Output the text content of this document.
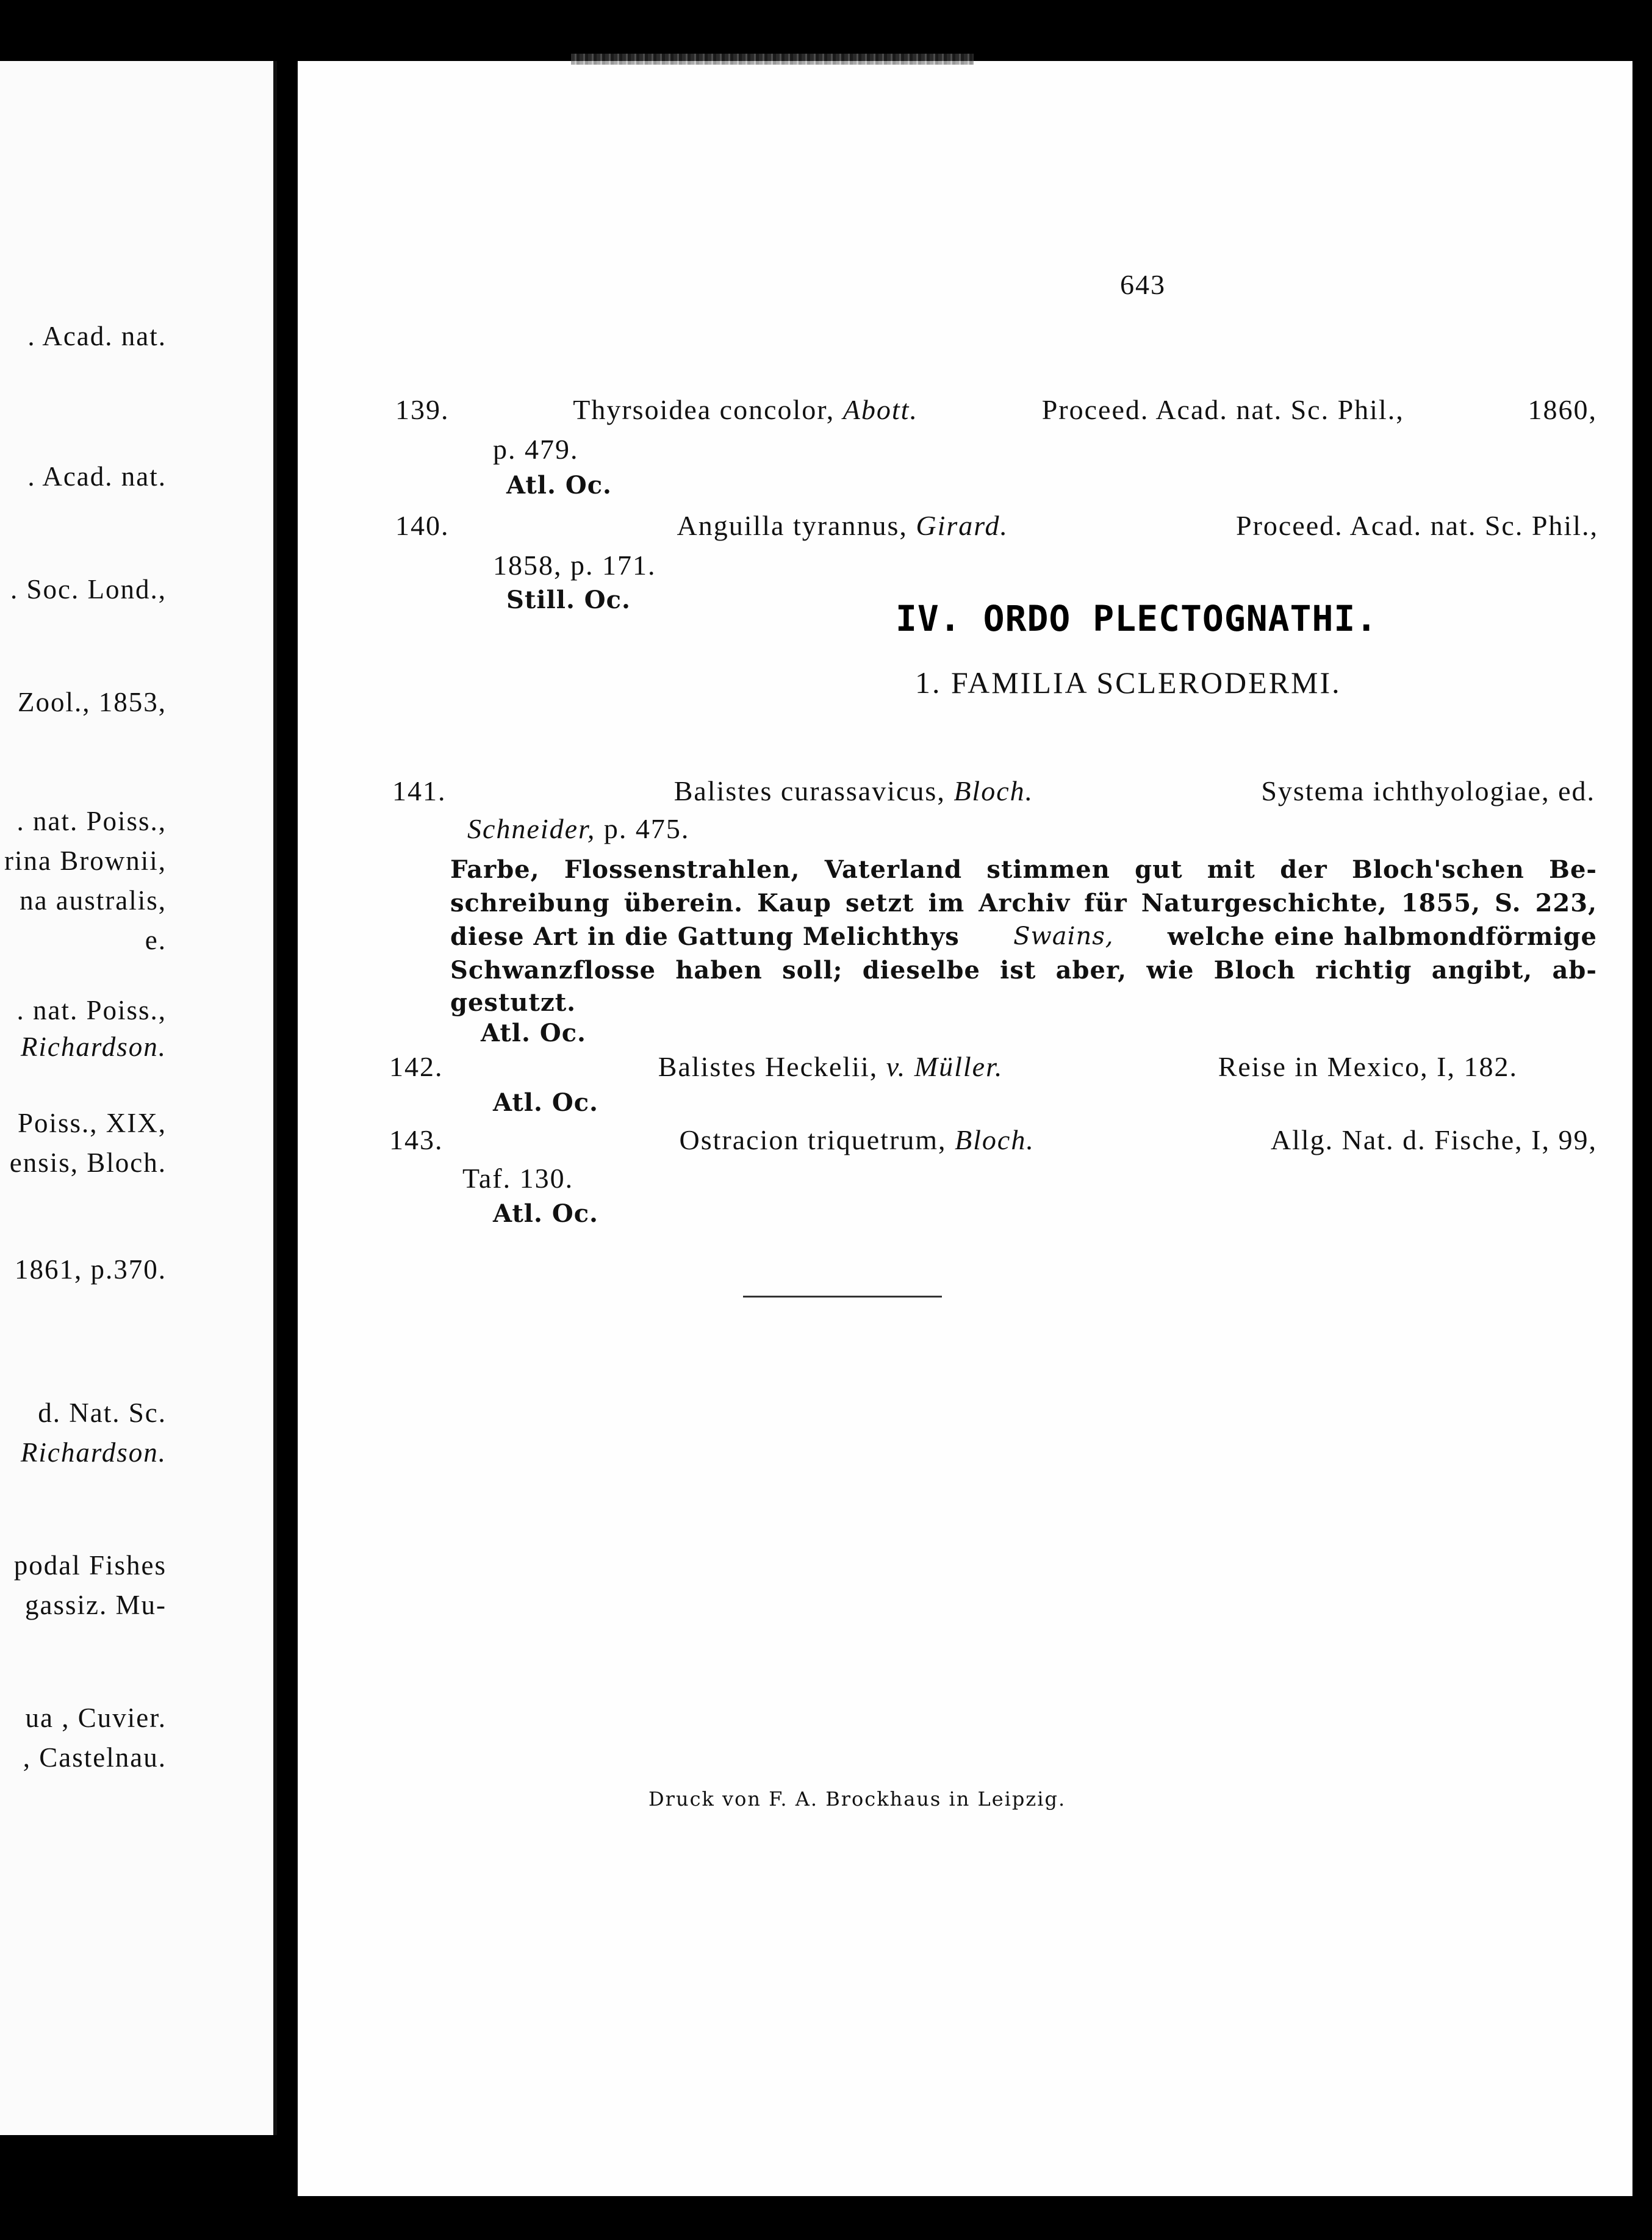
. Acad. nat.
. Acad. nat.
. Soc. Lond.,
Zool., 1853,
. nat. Poiss.,
rina Brownii,
na australis,
e.
. nat. Poiss.,
Richardson.
Poiss., XIX,
ensis, Bloch.
1861, p.370.
d. Nat. Sc.
Richardson.
podal Fishes
gassiz. Mu-
ua , Cuvier.
, Castelnau.
643
139.	Thyrsoidea concolor, Abott.	Proceed. Acad. nat. Sc. Phil.,	1860,
p. 479.
Atl. Oc.
140.	Anguilla tyrannus, Girard.	Proceed. Acad. nat. Sc. Phil.,
1858, p. 171.
Still. Oc.	IV. ORDO PLECTOGNATHI.
1. FAMILIA SCLERODERMI.
141.	Balistes curassavicus, Bloch.	Systema ichthyologiae, ed.
Schneider, p. 475.
Farbe, Flossenstrahlen, Vaterland stimmen gut mit der Bloch'schen Be-
schreibung überein. Kaup setzt im Archiv für Naturgeschichte, 1855, S. 223,
diese Art in die Gattung Melichthys Swains, welche eine halbmondförmige
Schwanzflosse haben soll; dieselbe ist aber, wie Bloch richtig angibt, ab-
gestutzt.
Atl. Oc.
142.	Balistes Heckelii, v. Müller.	Reise in Mexico, I, 182.
Atl. Oc.
143.	Ostracion triquetrum, Bloch.	Allg. Nat. d. Fische, I, 99,
Taf. 130.
Atl. Oc.
Druck von F. A. Brockhaus in Leipzig.
